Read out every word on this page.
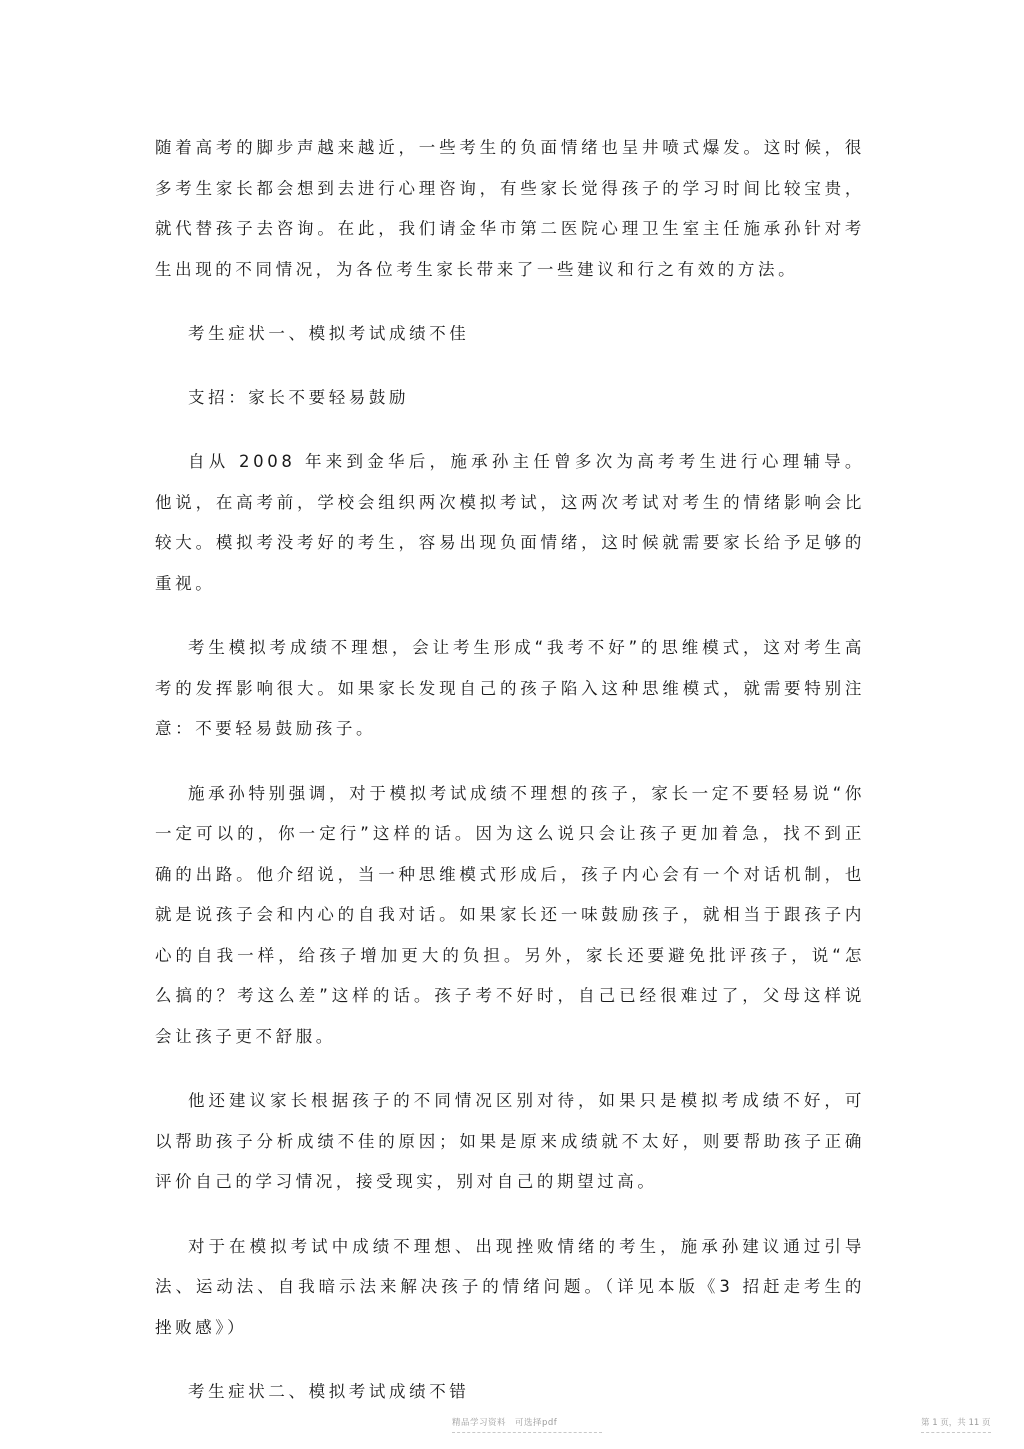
随着高考的脚步声越来越近，一些考生的负面情绪也呈井喷式爆发。这时候，很多考生家长都会想到去进行心理咨询，有些家长觉得孩子的学习时间比较宝贵，就代替孩子去咨询。在此，我们请金华市第二医院心理卫生室主任施承孙针对考生出现的不同情况，为各位考生家长带来了一些建议和行之有效的方法。

考生症状一、模拟考试成绩不佳

支招：家长不要轻易鼓励

自从 2008 年来到金华后，施承孙主任曾多次为高考考生进行心理辅导。他说，在高考前，学校会组织两次模拟考试，这两次考试对考生的情绪影响会比较大。模拟考没考好的考生，容易出现负面情绪，这时候就需要家长给予足够的重视。

考生模拟考成绩不理想，会让考生形成“我考不好”的思维模式，这对考生高考的发挥影响很大。如果家长发现自己的孩子陷入这种思维模式，就需要特别注意：不要轻易鼓励孩子。

施承孙特别强调，对于模拟考试成绩不理想的孩子，家长一定不要轻易说“你一定可以的，你一定行”这样的话。因为这么说只会让孩子更加着急，找不到正确的出路。他介绍说，当一种思维模式形成后，孩子内心会有一个对话机制，也就是说孩子会和内心的自我对话。如果家长还一味鼓励孩子，就相当于跟孩子内心的自我一样，给孩子增加更大的负担。另外，家长还要避免批评孩子，说“怎么搞的？考这么差”这样的话。孩子考不好时，自己已经很难过了，父母这样说会让孩子更不舒服。

他还建议家长根据孩子的不同情况区别对待，如果只是模拟考成绩不好，可以帮助孩子分析成绩不佳的原因；如果是原来成绩就不太好，则要帮助孩子正确评价自己的学习情况，接受现实，别对自己的期望过高。

对于在模拟考试中成绩不理想、出现挫败情绪的考生，施承孙建议通过引导法、运动法、自我暗示法来解决孩子的情绪问题。（详见本版《3 招赶走考生的挫败感》）

考生症状二、模拟考试成绩不错

精品学习资料　可选择pdf	第 1 页，共 11 页
